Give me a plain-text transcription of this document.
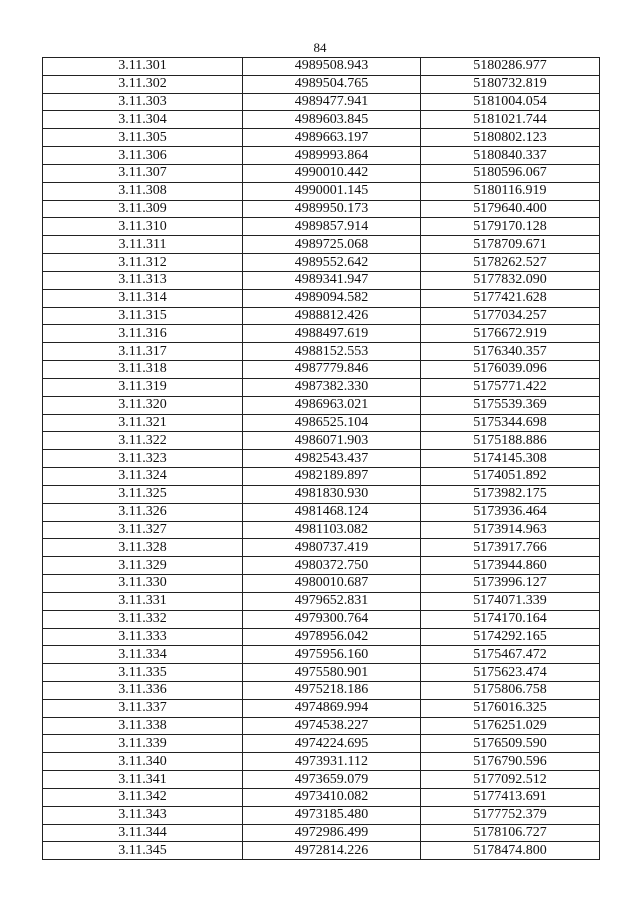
84
3.11.301	4989508.943	5180286.977
3.11.302	4989504.765	5180732.819
3.11.303	4989477.941	5181004.054
3.11.304	4989603.845	5181021.744
3.11.305	4989663.197	5180802.123
3.11.306	4989993.864	5180840.337
3.11.307	4990010.442	5180596.067
3.11.308	4990001.145	5180116.919
3.11.309	4989950.173	5179640.400
3.11.310	4989857.914	5179170.128
3.11.311	4989725.068	5178709.671
3.11.312	4989552.642	5178262.527
3.11.313	4989341.947	5177832.090
3.11.314	4989094.582	5177421.628
3.11.315	4988812.426	5177034.257
3.11.316	4988497.619	5176672.919
3.11.317	4988152.553	5176340.357
3.11.318	4987779.846	5176039.096
3.11.319	4987382.330	5175771.422
3.11.320	4986963.021	5175539.369
3.11.321	4986525.104	5175344.698
3.11.322	4986071.903	5175188.886
3.11.323	4982543.437	5174145.308
3.11.324	4982189.897	5174051.892
3.11.325	4981830.930	5173982.175
3.11.326	4981468.124	5173936.464
3.11.327	4981103.082	5173914.963
3.11.328	4980737.419	5173917.766
3.11.329	4980372.750	5173944.860
3.11.330	4980010.687	5173996.127
3.11.331	4979652.831	5174071.339
3.11.332	4979300.764	5174170.164
3.11.333	4978956.042	5174292.165
3.11.334	4975956.160	5175467.472
3.11.335	4975580.901	5175623.474
3.11.336	4975218.186	5175806.758
3.11.337	4974869.994	5176016.325
3.11.338	4974538.227	5176251.029
3.11.339	4974224.695	5176509.590
3.11.340	4973931.112	5176790.596
3.11.341	4973659.079	5177092.512
3.11.342	4973410.082	5177413.691
3.11.343	4973185.480	5177752.379
3.11.344	4972986.499	5178106.727
3.11.345	4972814.226	5178474.800
